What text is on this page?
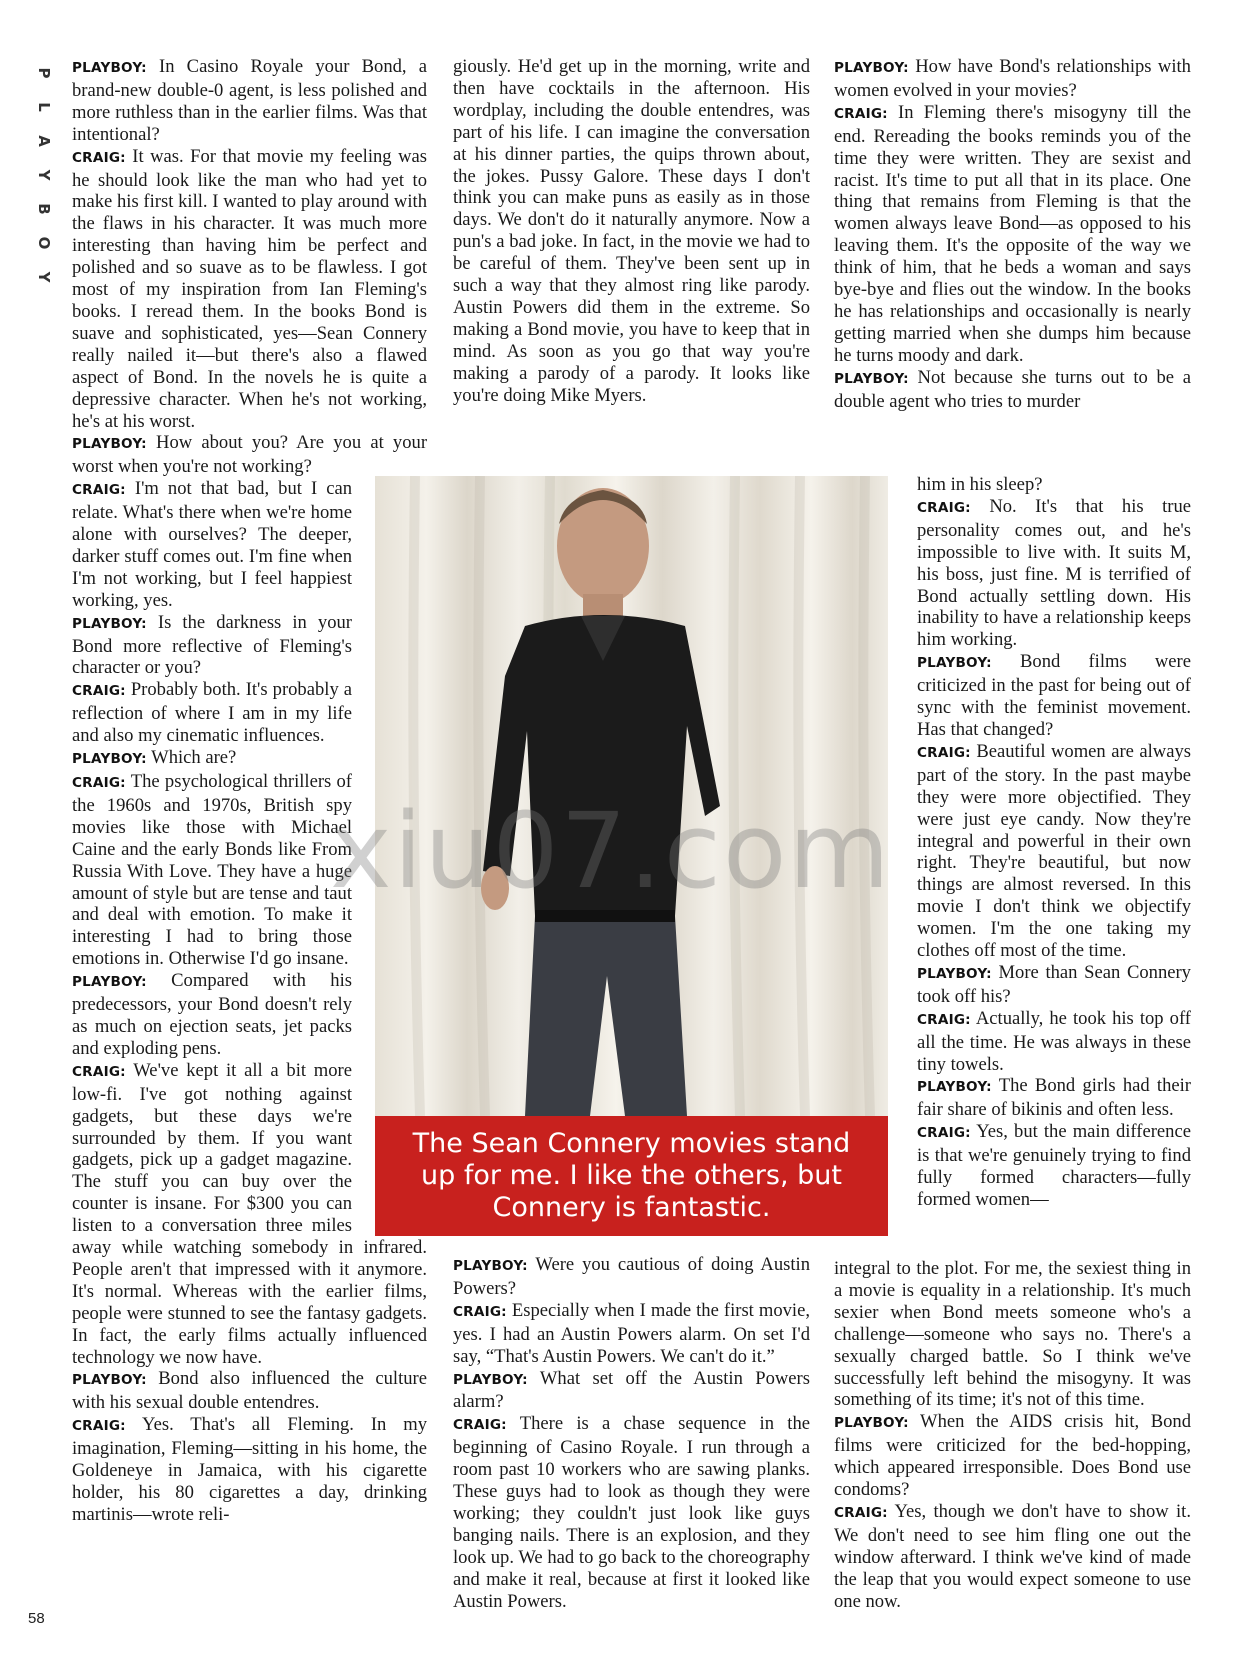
P
L
A
Y
B
O
Y

PLAYBOY: In Casino Royale your Bond, a brand-new double-0 agent, is less polished and more ruthless than in the earlier films. Was that intentional?

CRAIG: It was. For that movie my feeling was he should look like the man who had yet to make his first kill. I wanted to play around with the flaws in his character. It was much more interesting than having him be perfect and polished and so suave as to be flawless. I got most of my inspiration from Ian Fleming's books. I reread them. In the books Bond is suave and sophisticated, yes—Sean Connery really nailed it—but there's also a flawed aspect of Bond. In the novels he is quite a depressive character. When he's not working, he's at his worst.

PLAYBOY: How about you? Are you at your worst when you're not working?

CRAIG: I'm not that bad, but I can relate. What's there when we're home alone with ourselves? The deeper, darker stuff comes out. I'm fine when I'm not working, but I feel happiest working, yes.

PLAYBOY: Is the darkness in your Bond more reflective of Fleming's character or you?

CRAIG: Probably both. It's probably a reflection of where I am in my life and also my cinematic influences.

PLAYBOY: Which are?

CRAIG: The psychological thrillers of the 1960s and 1970s, British spy movies like those with Michael Caine and the early Bonds like From Russia With Love. They have a huge amount of style but are tense and taut and deal with emotion. To make it interesting I had to bring those emotions in. Otherwise I'd go insane.

PLAYBOY: Compared with his predecessors, your Bond doesn't rely as much on ejection seats, jet packs and exploding pens.

CRAIG: We've kept it all a bit more low-fi. I've got nothing against gadgets, but these days we're surrounded by them. If you want gadgets, pick up a gadget magazine. The stuff you can buy over the counter is insane. For $300 you can listen to a conversation three miles away while watching somebody in infrared. People aren't that impressed with it anymore. It's normal. Whereas with the earlier films, people were stunned to see the fantasy gadgets. In fact, the early films actually influenced technology we now have.

PLAYBOY: Bond also influenced the culture with his sexual double entendres.

CRAIG: Yes. That's all Fleming. In my imagination, Fleming—sitting in his home, the Goldeneye in Jamaica, with his cigarette holder, his 80 cigarettes a day, drinking martinis—wrote reli-

giously. He'd get up in the morning, write and then have cocktails in the afternoon. His wordplay, including the double entendres, was part of his life. I can imagine the conversation at his dinner parties, the quips thrown about, the jokes. Pussy Galore. These days I don't think you can make puns as easily as in those days. We don't do it naturally anymore. Now a pun's a bad joke. In fact, in the movie we had to be careful of them. They've been sent up in such a way that they almost ring like parody. Austin Powers did them in the extreme. So making a Bond movie, you have to keep that in mind. As soon as you go that way you're making a parody of a parody. It looks like you're doing Mike Myers.

xiu07.com
The Sean Connery movies stand up for me. I like the others, but Connery is fantastic.

PLAYBOY: Were you cautious of doing Austin Powers?

CRAIG: Especially when I made the first movie, yes. I had an Austin Powers alarm. On set I'd say, “That's Austin Powers. We can't do it.”

PLAYBOY: What set off the Austin Powers alarm?

CRAIG: There is a chase sequence in the beginning of Casino Royale. I run through a room past 10 workers who are sawing planks. These guys had to look as though they were working; they couldn't just look like guys banging nails. There is an explosion, and they look up. We had to go back to the choreography and make it real, because at first it looked like Austin Powers.

PLAYBOY: How have Bond's relationships with women evolved in your movies?

CRAIG: In Fleming there's misogyny till the end. Rereading the books reminds you of the time they were written. They are sexist and racist. It's time to put all that in its place. One thing that remains from Fleming is that the women always leave Bond—as opposed to his leaving them. It's the opposite of the way we think of him, that he beds a woman and says bye-bye and flies out the window. In the books he has relationships and occasionally is nearly getting married when she dumps him because he turns moody and dark.

PLAYBOY: Not because she turns out to be a double agent who tries to murder

him in his sleep?

CRAIG: No. It's that his true personality comes out, and he's impossible to live with. It suits M, his boss, just fine. M is terrified of Bond actually settling down. His inability to have a relationship keeps him working.

PLAYBOY: Bond films were criticized in the past for being out of sync with the feminist movement. Has that changed?

CRAIG: Beautiful women are always part of the story. In the past maybe they were more objectified. They were just eye candy. Now they're integral and powerful in their own right. They're beautiful, but now things are almost reversed. In this movie I don't think we objectify women. I'm the one taking my clothes off most of the time.

PLAYBOY: More than Sean Connery took off his?

CRAIG: Actually, he took his top off all the time. He was always in these tiny towels.

PLAYBOY: The Bond girls had their fair share of bikinis and often less.

CRAIG: Yes, but the main difference is that we're genuinely trying to find fully formed characters—fully formed women—

integral to the plot. For me, the sexiest thing in a movie is equality in a relationship. It's much sexier when Bond meets someone who's a challenge—someone who says no. There's a sexually charged battle. So I think we've successfully left behind the misogyny. It was something of its time; it's not of this time.

PLAYBOY: When the AIDS crisis hit, Bond films were criticized for the bed-hopping, which appeared irresponsible. Does Bond use condoms?

CRAIG: Yes, though we don't have to show it. We don't need to see him fling one out the window afterward. I think we've kind of made the leap that you would expect someone to use one now.

58
